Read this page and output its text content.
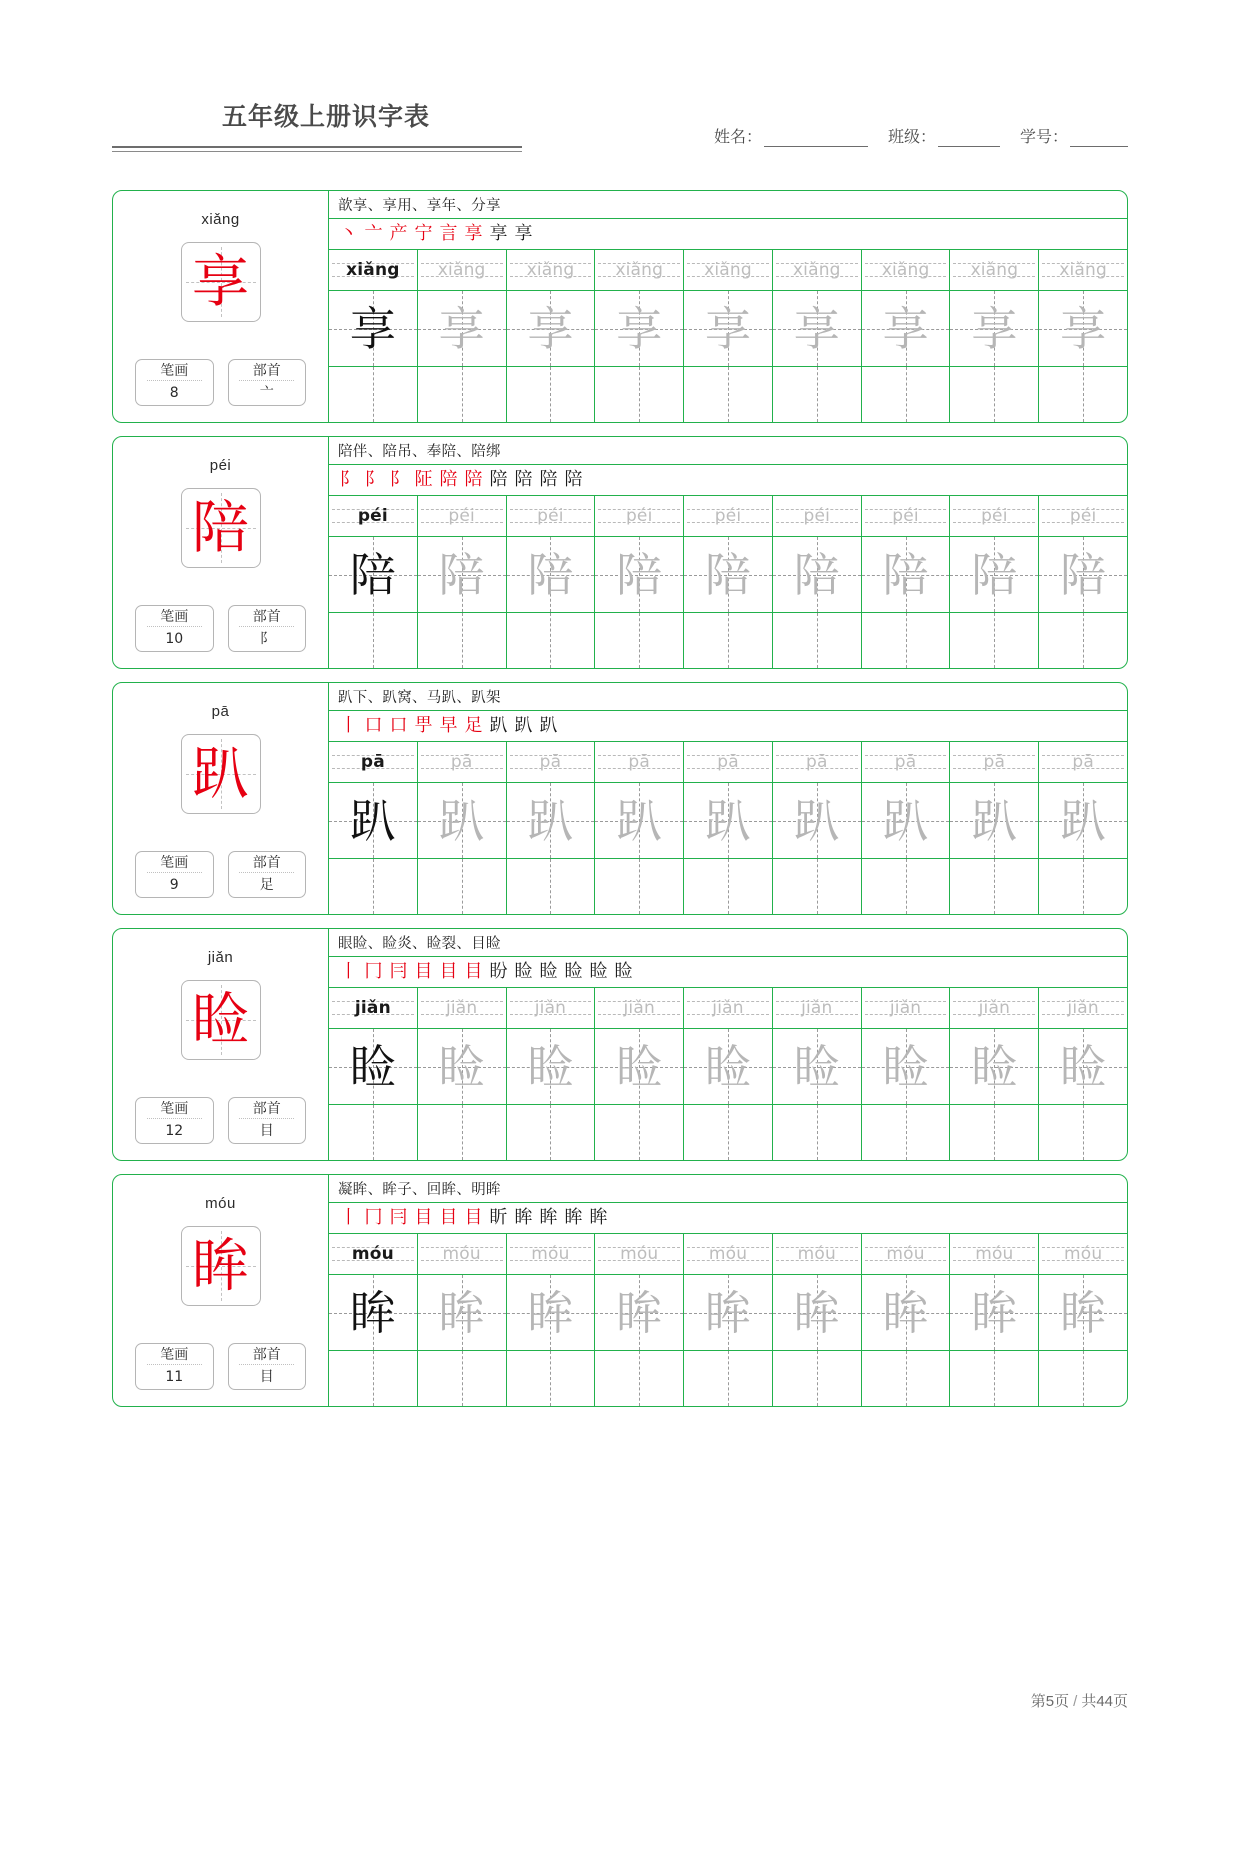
五年级上册识字表
姓名：	班级：	学号：
xiǎng
享
笔画
8
部首
亠
歆享、享用、享年、分享
丶 亠 产 宁 言 享 享 享
xiǎng xiǎng xiǎng xiǎng xiǎng xiǎng xiǎng xiǎng xiǎng
享 享 享 享 享 享 享 享 享
péi
陪
笔画
10
部首
阝
陪伴、陪吊、奉陪、陪绑
阝 阝 阝 阷 陪 陪 陪 陪 陪 陪
péi	péi	péi	péi	péi	péi	péi	péi	péi
陪 陪 陪 陪 陪 陪 陪 陪 陪
pā
趴
笔画
9
部首
足
趴下、趴窝、马趴、趴架
丨 口 口 甼 早 足 趴 趴 趴
pā	pā	pā	pā	pā	pā	pā	pā	pā
趴 趴 趴 趴 趴 趴 趴 趴 趴
jiǎn
睑
笔画
12
部首
目
眼睑、睑炎、睑裂、目睑
丨 冂 冃 目 目 目 盼 睑 睑 睑 睑 睑
jiǎn	jiǎn	jiǎn	jiǎn	jiǎn	jiǎn	jiǎn	jiǎn	jiǎn
睑 睑 睑 睑 睑 睑 睑 睑 睑
móu
眸
笔画
11
部首
目
凝眸、眸子、回眸、明眸
丨 冂 冃 目 目 目 盺 眸 眸 眸 眸
móu	móu	móu	móu	móu	móu	móu	móu	móu
眸 眸 眸 眸 眸 眸 眸 眸 眸
第5页 / 共44页
